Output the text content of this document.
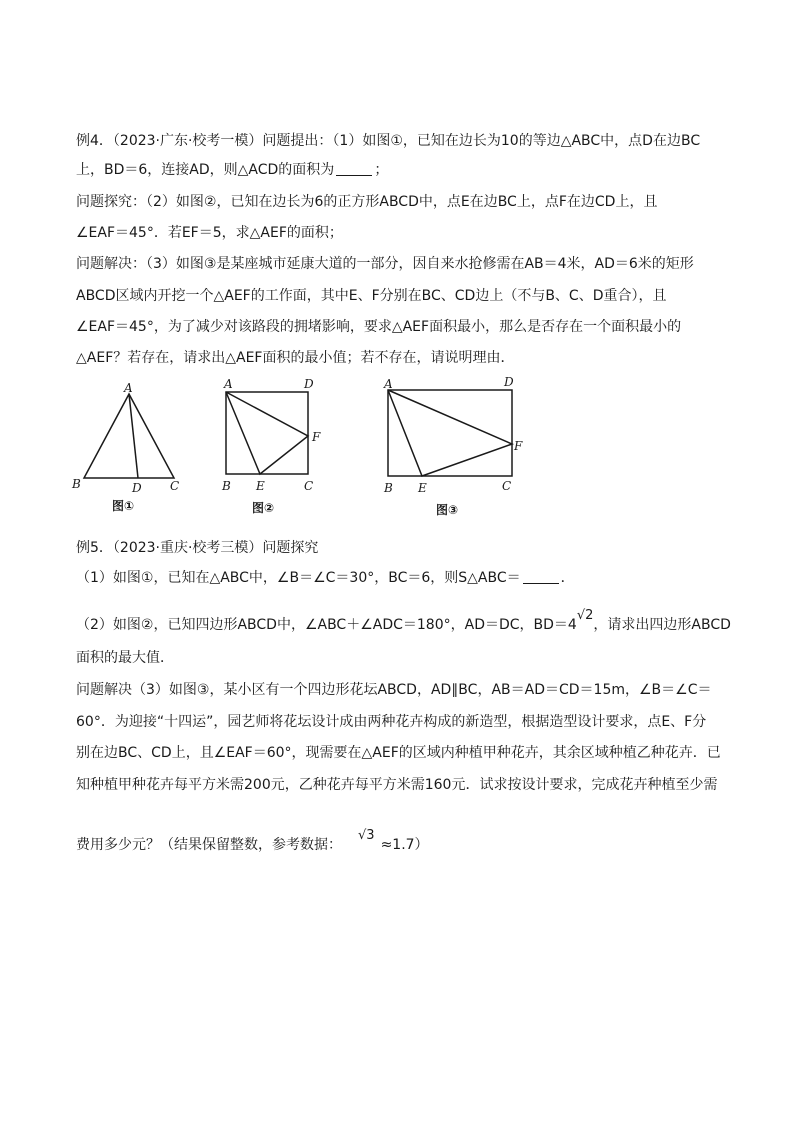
例4．（2023·广东·校考一模）问题提出：（1）如图①，已知在边长为10的等边△ABC中，点D在边BC
上，BD＝6，连接AD，则△ACD的面积为	；
问题探究：（2）如图②，已知在边长为6的正方形ABCD中，点E在边BC上，点F在边CD上，且
∠EAF＝45°．若EF＝5，求△AEF的面积；
问题解决：（3）如图③是某座城市延康大道的一部分，因自来水抢修需在AB＝4米，AD＝6米的矩形
ABCD区域内开挖一个△AEF的工作面，其中E、F分别在BC、CD边上（不与B、C、D重合），且
∠EAF＝45°，为了减少对该路段的拥堵影响，要求△AEF面积最小，那么是否存在一个面积最小的
△AEF？若存在，请求出△AEF面积的最小值；若不存在，请说明理由．
A
B	D C
图①
A	D
F
B E	C
图②
A	D
F
B E	C
图③
例5．（2023·重庆·校考三模）问题探究
（1）如图①，已知在△ABC中，∠B＝∠C＝30°，BC＝6，则S△ABC＝	．
（2）如图②，已知四边形ABCD中，∠ABC＋∠ADC＝180°，AD＝DC，BD＝4√2，请求出四边形ABCD
面积的最大值．
问题解决（3）如图③，某小区有一个四边形花坛ABCD，AD∥BC，AB＝AD＝CD＝15m，∠B＝∠C＝
60°．为迎接“十四运”，园艺师将花坛设计成由两种花卉构成的新造型，根据造型设计要求，点E、F分
别在边BC、CD上，且∠EAF＝60°，现需要在△AEF的区域内种植甲种花卉，其余区域种植乙种花卉．已
知种植甲种花卉每平方米需200元，乙种花卉每平方米需160元．试求按设计要求，完成花卉种植至少需
费用多少元？（结果保留整数，参考数据：√3≈1.7）
